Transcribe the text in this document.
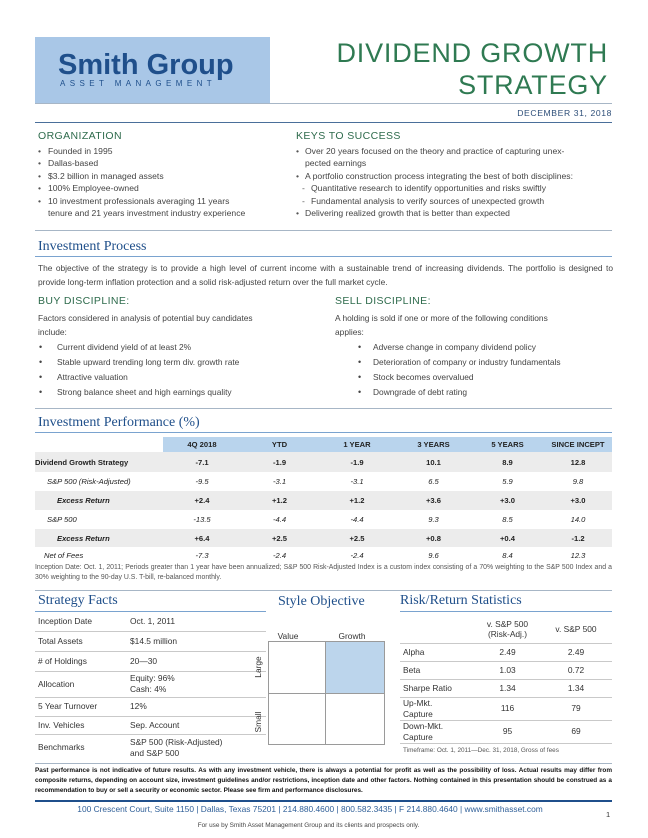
Smith Group
ASSET MANAGEMENT
DIVIDEND GROWTH
STRATEGY
DECEMBER 31, 2018
ORGANIZATION
• Founded in 1995
• Dallas-based
• $3.2 billion in managed assets
• 100% Employee-owned
• 10 investment professionals averaging 11 years
tenure and 21 years investment industry experience
KEYS TO SUCCESS
• Over 20 years focused on the theory and practice of capturing unex-
pected earnings
• A portfolio construction process integrating the best of both disciplines:
- Quantitative research to identify opportunities and risks swiftly
- Fundamental analysis to verify sources of unexpected growth
• Delivering realized growth that is better than expected
Investment Process
The objective of the strategy is to provide a high level of current income with a sustainable trend of increasing dividends. The portfolio is designed to provide long-term inflation protection and a solid risk-adjusted return over the full market cycle.
BUY DISCIPLINE:
Factors considered in analysis of potential buy candidates
include:
• Current dividend yield of at least 2%
• Stable upward trending long term div. growth rate
• Attractive valuation
• Strong balance sheet and high earnings quality
SELL DISCIPLINE:
A holding is sold if one or more of the following conditions
applies:
• Adverse change in company dividend policy
• Deterioration of company or industry fundamentals
• Stock becomes overvalued
• Downgrade of debt rating
Investment Performance (%)
	4Q 2018	YTD	1 YEAR	3 YEARS	5 YEARS	SINCE INCEPT
Dividend Growth Strategy	-7.1	-1.9	-1.9	10.1	8.9	12.8
S&P 500 (Risk-Adjusted)	-9.5	-3.1	-3.1	6.5	5.9	9.8
Excess Return	+2.4	+1.2	+1.2	+3.6	+3.0	+3.0
S&P 500	-13.5	-4.4	-4.4	9.3	8.5	14.0
Excess Return	+6.4	+2.5	+2.5	+0.8	+0.4	-1.2
Net of Fees	-7.3	-2.4	-2.4	9.6	8.4	12.3
Inception Date: Oct. 1, 2011; Periods greater than 1 year have been annualized; S&P 500 Risk-Adjusted Index is a custom index consisting of a 70% weighting to the S&P 500 Index and a 30% weighting to the 90-day U.S. T-bill, re-balanced monthly.
Strategy Facts	Style Objective	Risk/Return Statistics
Inception Date	Oct. 1, 2011
Total Assets	$14.5 million
# of Holdings	20—30
Allocation	Equity: 96%
Cash: 4%
5 Year Turnover	12%
Inv. Vehicles	Sep. Account
Benchmarks	S&P 500 (Risk-Adjusted)
and S&P 500
Value	Growth
Large
Small
	v. S&P 500
(Risk-Adj.)	v. S&P 500
Alpha	2.49	2.49
Beta	1.03	0.72
Sharpe Ratio	1.34	1.34
Up-Mkt.
Capture	116	79
Down-Mkt.
Capture	95	69
Timeframe: Oct. 1, 2011—Dec. 31, 2018, Gross of fees
Past performance is not indicative of future results. As with any investment vehicle, there is always a potential for profit as well as the possibility of loss. Actual results may differ from composite returns, depending on account size, investment guidelines and/or restrictions, inception date and other factors. Nothing contained in this presentation should be construed as a recommendation to buy or sell a security or economic sector. Please see firm and performance disclosures.
100 Crescent Court, Suite 1150 | Dallas, Texas 75201 | 214.880.4600 | 800.582.3435 | F 214.880.4640 | www.smithasset.com
1
For use by Smith Asset Management Group and its clients and prospects only.
